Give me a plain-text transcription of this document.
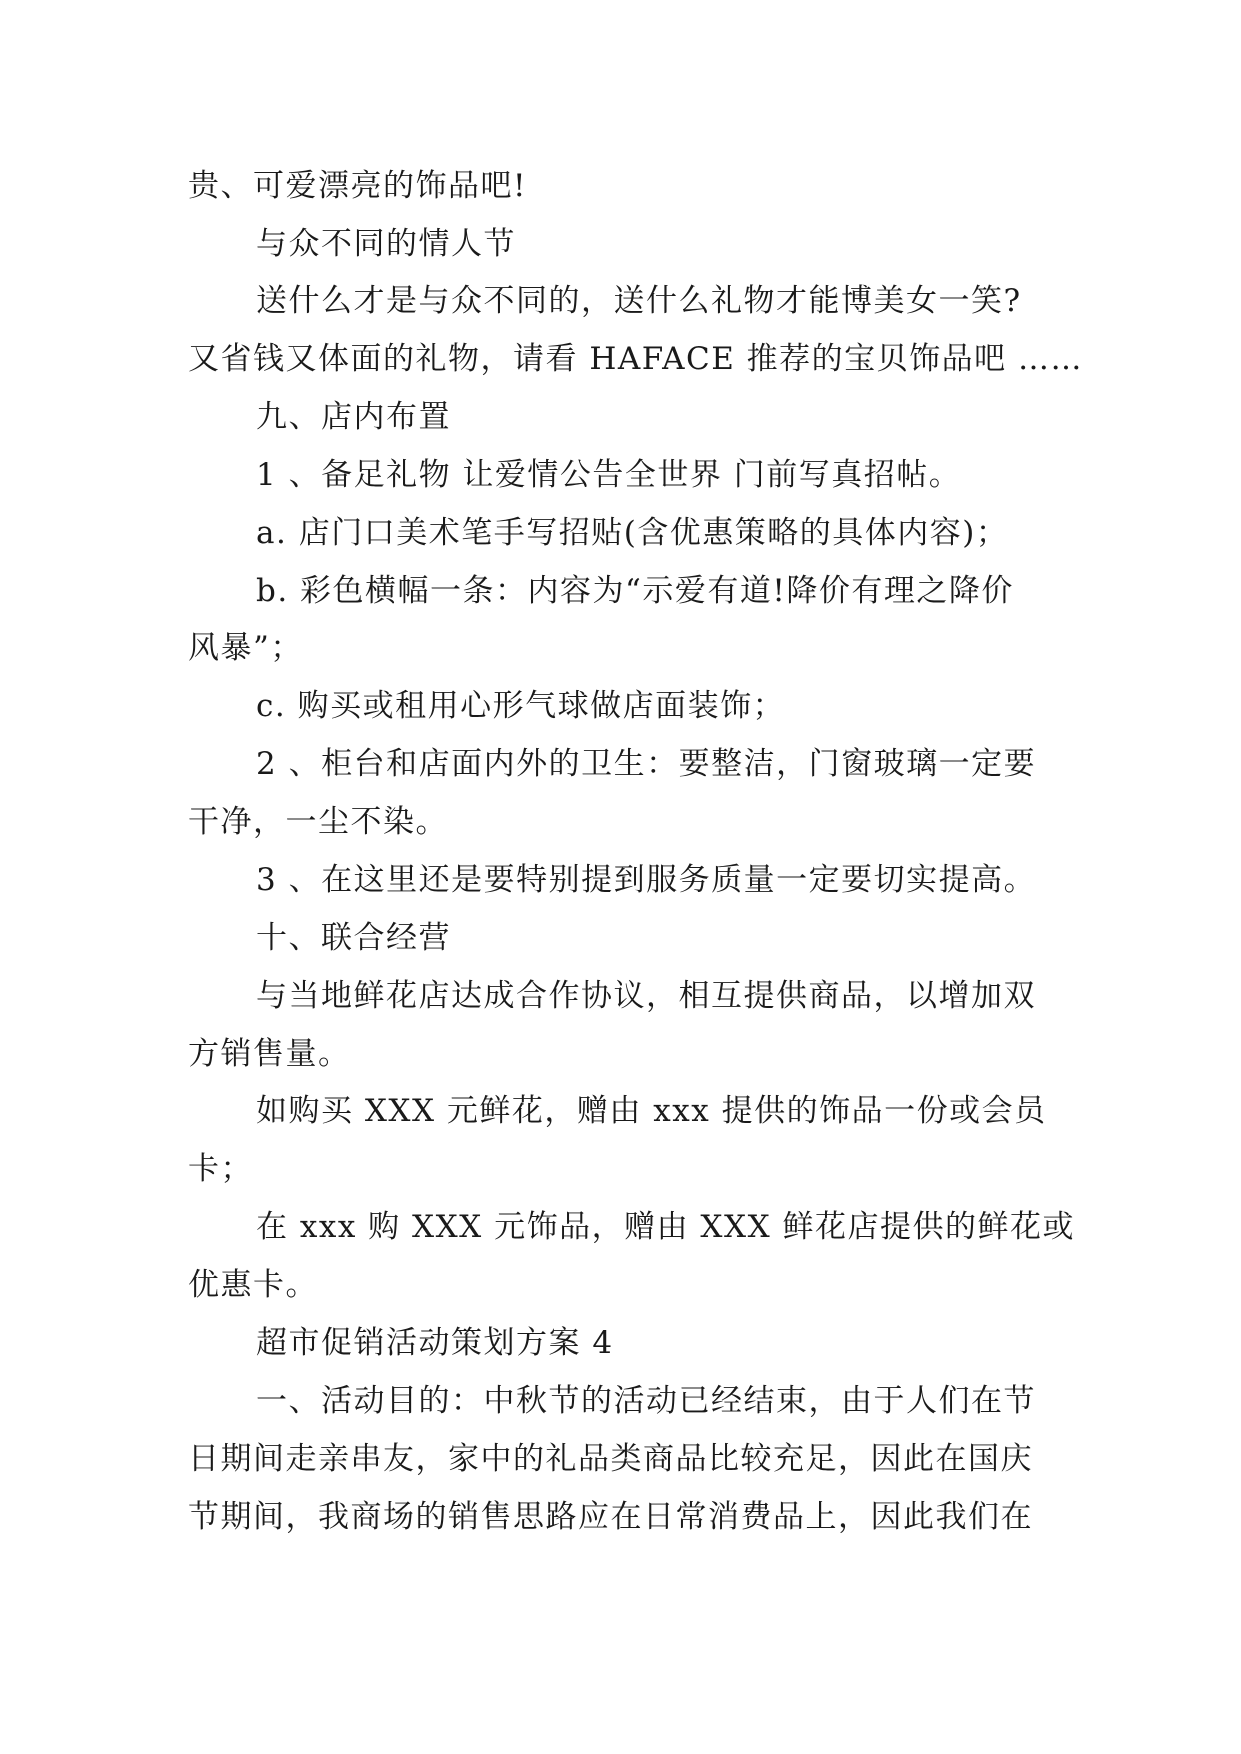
贵、可爱漂亮的饰品吧!
与众不同的情人节
送什么才是与众不同的，送什么礼物才能博美女一笑?
又省钱又体面的礼物，请看 HAFACE 推荐的宝贝饰品吧 ……
九、店内布置
1 、备足礼物 让爱情公告全世界 门前写真招帖。
a. 店门口美术笔手写招贴(含优惠策略的具体内容)；
b. 彩色横幅一条：内容为“示爱有道!降价有理之降价
风暴”；
c. 购买或租用心形气球做店面装饰；
2 、柜台和店面内外的卫生：要整洁，门窗玻璃一定要
干净，一尘不染。
3 、在这里还是要特别提到服务质量一定要切实提高。
十、联合经营
与当地鲜花店达成合作协议，相互提供商品，以增加双
方销售量。
如购买 XXX 元鲜花，赠由 xxx 提供的饰品一份或会员
卡；
在 xxx 购 XXX 元饰品，赠由 XXX 鲜花店提供的鲜花或
优惠卡。
超市促销活动策划方案 4
一、活动目的：中秋节的活动已经结束，由于人们在节
日期间走亲串友，家中的礼品类商品比较充足，因此在国庆
节期间，我商场的销售思路应在日常消费品上，因此我们在
